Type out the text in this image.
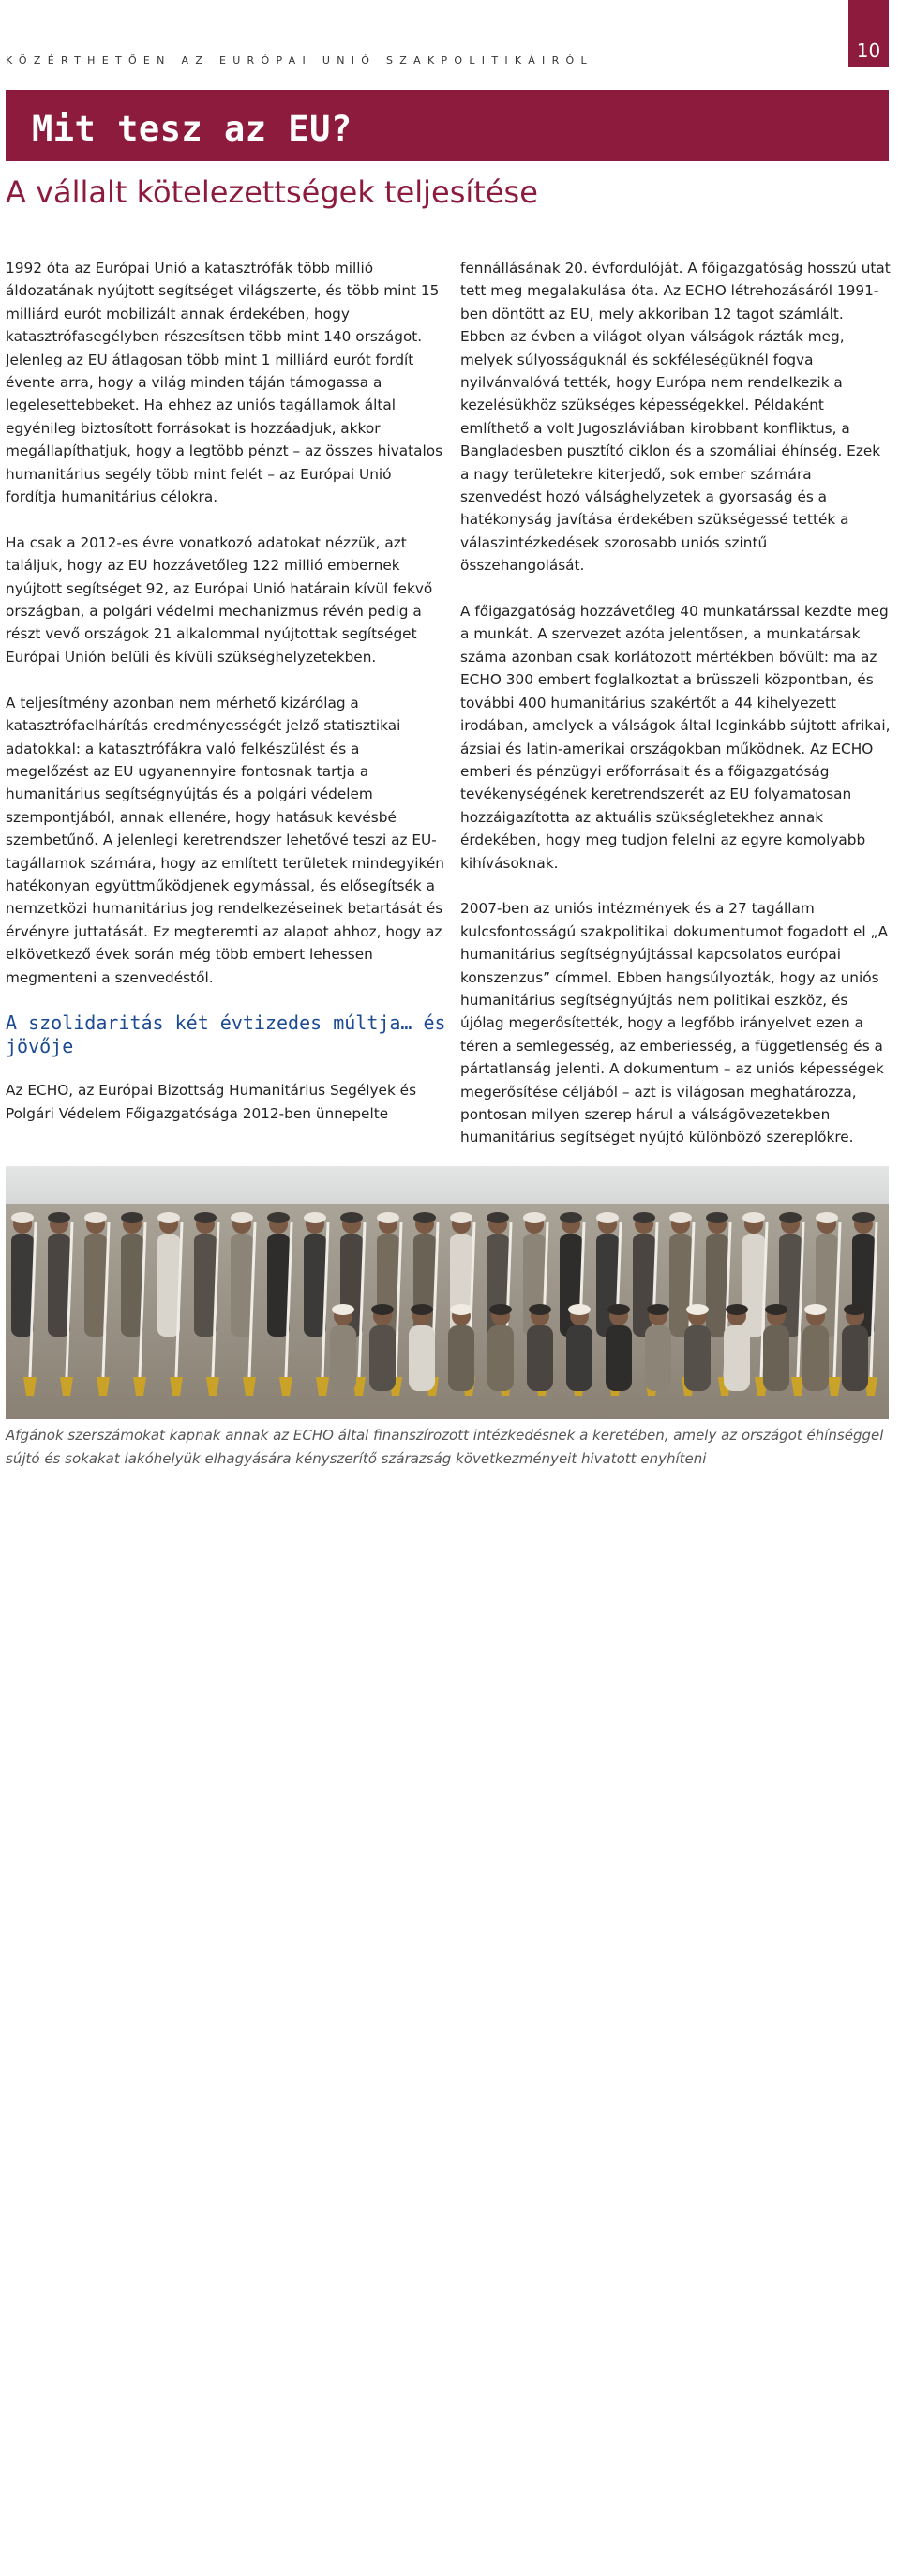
KÖZÉRTHETŐEN AZ EURÓPAI UNIÓ SZAKPOLITIKÁIRÓL	10
Mit tesz az EU?
A vállalt kötelezettségek teljesítése

1992 óta az Európai Unió a katasztrófák több millió áldozatának nyújtott segítséget világszerte, és több mint 15 milliárd eurót mobilizált annak érdekében, hogy katasztrófasegélyben részesítsen több mint 140 országot. Jelenleg az EU átlagosan több mint 1 milliárd eurót fordít évente arra, hogy a világ minden táján támogassa a legelesettebbeket. Ha ehhez az uniós tagállamok által egyénileg biztosított forrásokat is hozzáadjuk, akkor megállapíthatjuk, hogy a legtöbb pénzt – az összes hivatalos humanitárius segély több mint felét – az Európai Unió fordítja humanitárius célokra.

Ha csak a 2012-es évre vonatkozó adatokat nézzük, azt találjuk, hogy az EU hozzávetőleg 122 millió embernek nyújtott segítséget 92, az Európai Unió határain kívül fekvő országban, a polgári védelmi mechanizmus révén pedig a részt vevő országok 21 alkalommal nyújtottak segítséget Európai Unión belüli és kívüli szükséghelyzetekben.

A teljesítmény azonban nem mérhető kizárólag a katasztrófaelhárítás eredményességét jelző statisztikai adatokkal: a katasztrófákra való felkészülést és a megelőzést az EU ugyanennyire fontosnak tartja a humanitárius segítségnyújtás és a polgári védelem szempontjából, annak ellenére, hogy hatásuk kevésbé szembetűnő. A jelenlegi keretrendszer lehetővé teszi az EU-tagállamok számára, hogy az említett területek mindegyikén hatékonyan együttműködjenek egymással, és elősegítsék a nemzetközi humanitárius jog rendelkezéseinek betartását és érvényre juttatását. Ez megteremti az alapot ahhoz, hogy az elkövetkező évek során még több embert lehessen megmenteni a szenvedéstől.

A szolidaritás két évtizedes múltja… és jövője

Az ECHO, az Európai Bizottság Humanitárius Segélyek és Polgári Védelem Főigazgatósága 2012-ben ünnepelte

fennállásának 20. évfordulóját. A főigazgatóság hosszú utat tett meg megalakulása óta. Az ECHO létrehozásáról 1991-ben döntött az EU, mely akkoriban 12 tagot számlált. Ebben az évben a világot olyan válságok rázták meg, melyek súlyosságuknál és sokféleségüknél fogva nyilvánvalóvá tették, hogy Európa nem rendelkezik a kezelésükhöz szükséges képességekkel. Példaként említhető a volt Jugoszláviában kirobbant konfliktus, a Bangladesben pusztító ciklon és a szomáliai éhínség. Ezek a nagy területekre kiterjedő, sok ember számára szenvedést hozó válsághelyzetek a gyorsaság és a hatékonyság javítása érdekében szükségessé tették a válaszintézkedések szorosabb uniós szintű összehangolását.

A főigazgatóság hozzávetőleg 40 munkatárssal kezdte meg a munkát. A szervezet azóta jelentősen, a munkatársak száma azonban csak korlátozott mértékben bővült: ma az ECHO 300 embert foglalkoztat a brüsszeli központban, és további 400 humanitárius szakértőt a 44 kihelyezett irodában, amelyek a válságok által leginkább sújtott afrikai, ázsiai és latin-amerikai országokban működnek. Az ECHO emberi és pénzügyi erőforrásait és a főigazgatóság tevékenységének keretrendszerét az EU folyamatosan hozzáigazította az aktuális szükségletekhez annak érdekében, hogy meg tudjon felelni az egyre komolyabb kihívásoknak.

2007-ben az uniós intézmények és a 27 tagállam kulcsfontosságú szakpolitikai dokumentumot fogadott el „A humanitárius segítségnyújtással kapcsolatos európai konszenzus” címmel. Ebben hangsúlyozták, hogy az uniós humanitárius segítségnyújtás nem politikai eszköz, és újólag megerősítették, hogy a legfőbb irányelvet ezen a téren a semlegesség, az emberiesség, a függetlenség és a pártatlanság jelenti. A dokumentum – az uniós képességek megerősítése céljából – azt is világosan meghatározza, pontosan milyen szerep hárul a válságövezetekben humanitárius segítséget nyújtó különböző szereplőkre.

© Európai Unió
Afgánok szerszámokat kapnak annak az ECHO által finanszírozott intézkedésnek a keretében, amely az országot éhínséggel sújtó és sokakat lakóhelyük elhagyására kényszerítő szárazság következményeit hivatott enyhíteni
